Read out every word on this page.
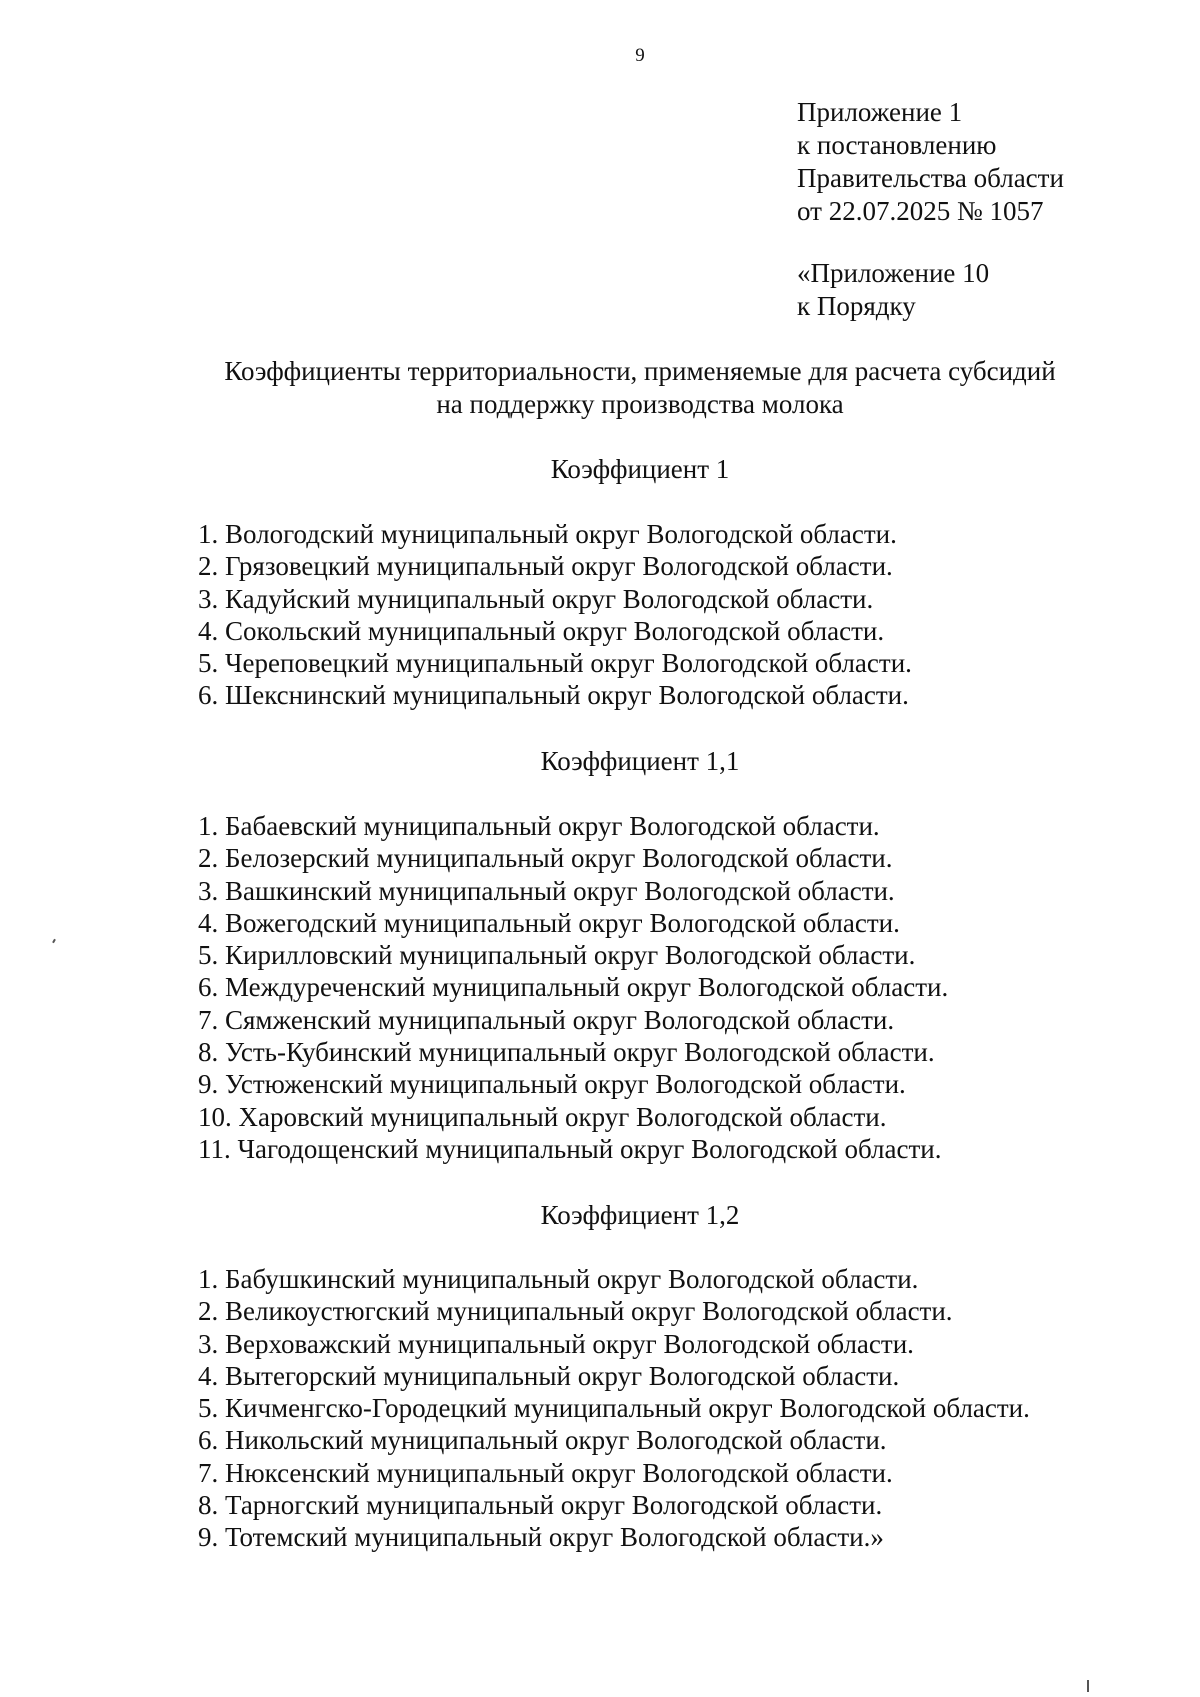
9
Приложение 1
к постановлению
Правительства области
от 22.07.2025 № 1057
«Приложение 10
к Порядку
Коэффициенты территориальности, применяемые для расчета субсидий
на поддержку производства молока
Коэффициент 1
1. Вологодский муниципальный округ Вологодской области.
2. Грязовецкий муниципальный округ Вологодской области.
3. Кадуйский муниципальный округ Вологодской области.
4. Сокольский муниципальный округ Вологодской области.
5. Череповецкий муниципальный округ Вологодской области.
6. Шекснинский муниципальный округ Вологодской области.
Коэффициент 1,1
1. Бабаевский муниципальный округ Вологодской области.
2. Белозерский муниципальный округ Вологодской области.
3. Вашкинский муниципальный округ Вологодской области.
4. Вожегодский муниципальный округ Вологодской области.
5. Кирилловский муниципальный округ Вологодской области.
6. Междуреченский муниципальный округ Вологодской области.
7. Сямженский муниципальный округ Вологодской области.
8. Усть-Кубинский муниципальный округ Вологодской области.
9. Устюженский муниципальный округ Вологодской области.
10. Харовский муниципальный округ Вологодской области.
11. Чагодощенский муниципальный округ Вологодской области.
Коэффициент 1,2
1. Бабушкинский муниципальный округ Вологодской области.
2. Великоустюгский муниципальный округ Вологодской области.
3. Верховажский муниципальный округ Вологодской области.
4. Вытегорский муниципальный округ Вологодской области.
5. Кичменгско-Городецкий муниципальный округ Вологодской области.
6. Никольский муниципальный округ Вологодской области.
7. Нюксенский муниципальный округ Вологодской области.
8. Тарногский муниципальный округ Вологодской области.
9. Тотемский муниципальный округ Вологодской области.»
